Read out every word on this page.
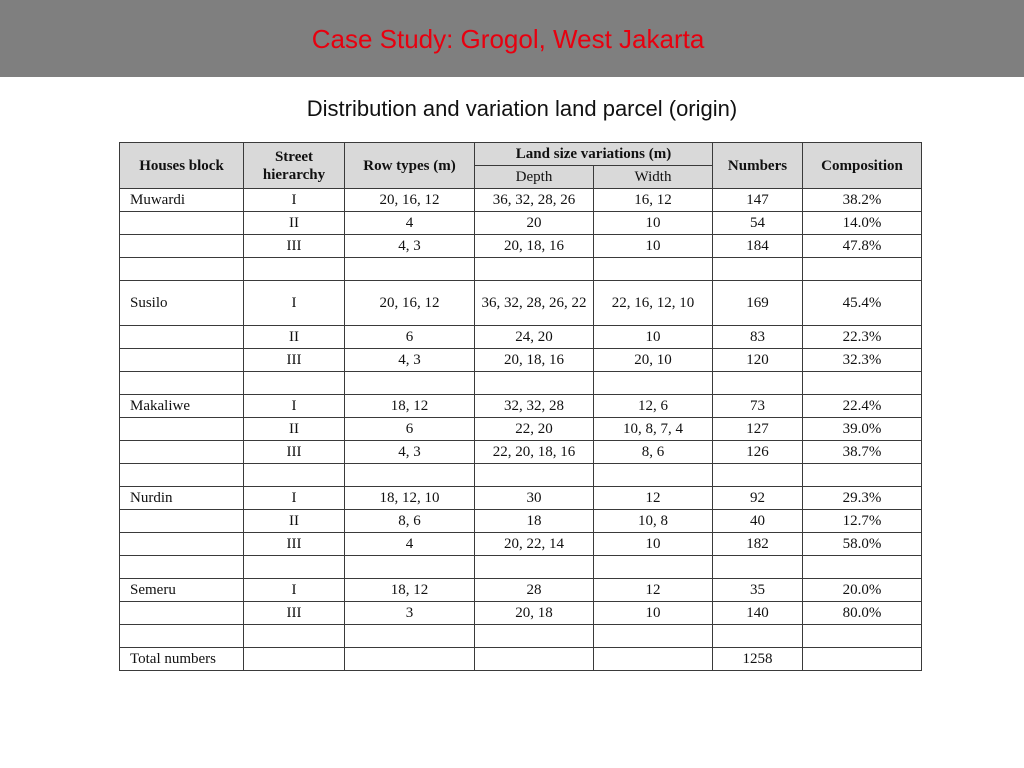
Case Study: Grogol, West Jakarta
Distribution and variation land parcel (origin)
Houses block	Street hierarchy	Row types (m)	Land size variations (m)		Numbers	Composition
			Depth	Width		
Muwardi	I	20, 16, 12	36, 32, 28, 26	16, 12	147	38.2%
	II	4	20	10	54	14.0%
	III	4, 3	20, 18, 16	10	184	47.8%

Susilo	I	20, 16, 12	36, 32, 28, 26, 22	22, 16, 12, 10	169	45.4%
	II	6	24, 20	10	83	22.3%
	III	4, 3	20, 18, 16	20, 10	120	32.3%

Makaliwe	I	18, 12	32, 32, 28	12, 6	73	22.4%
	II	6	22, 20	10, 8, 7, 4	127	39.0%
	III	4, 3	22, 20, 18, 16	8, 6	126	38.7%

Nurdin	I	18, 12, 10	30	12	92	29.3%
	II	8, 6	18	10, 8	40	12.7%
	III	4	20, 22, 14	10	182	58.0%

Semeru	I	18, 12	28	12	35	20.0%
	III	3	20, 18	10	140	80.0%

Total numbers					1258	
